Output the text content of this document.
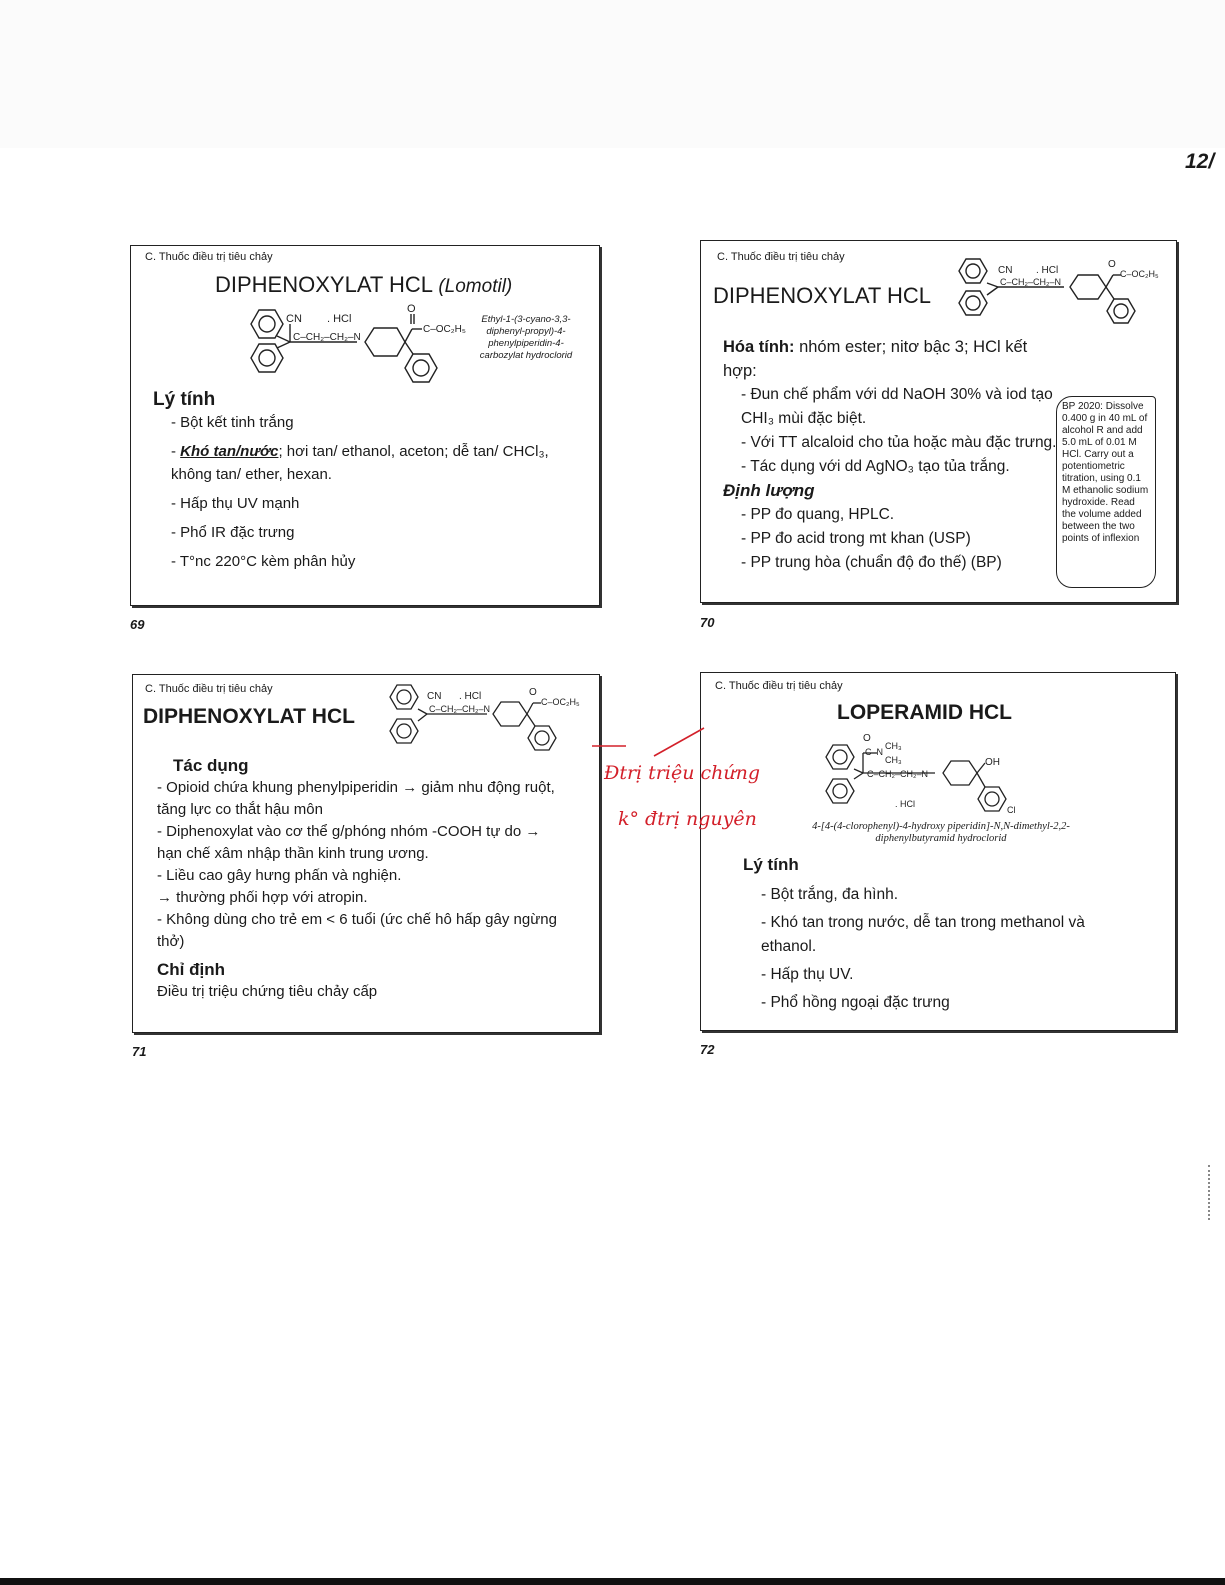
12/
C. Thuốc điều trị tiêu chảy
DIPHENOXYLAT HCL (Lomotil)
CN . HCl
C–CH₂–CH₂–N
O
C–OC₂H₅
Ethyl-1-(3-cyano-3,3-diphenyl-propyl)-4-phenylpiperidin-4-carbozylat hydroclorid

Lý tính

- Bột kết tinh trắng

- Khó tan/nước; hơi tan/ ethanol, aceton; dễ tan/ CHCl₃, không tan/ ether, hexan.

- Hấp thụ UV mạnh

- Phổ IR đặc trưng

- T°nc 220°C kèm phân hủy

69
C. Thuốc điều trị tiêu chảy
DIPHENOXYLAT HCL
CN . HCl
C–CH₂–CH₂–N
O
C–OC₂H₅

Hóa tính: nhóm ester; nitơ bậc 3; HCl kết hợp:

- Đun chế phẩm với dd NaOH 30% và iod tạo CHI₃ mùi đặc biệt.

- Với TT alcaloid cho tủa hoặc màu đặc trưng.

- Tác dụng với dd AgNO₃ tạo tủa trắng.

Định lượng

- PP đo quang, HPLC.

- PP đo acid trong mt khan (USP)

- PP trung hòa (chuẩn độ đo thế) (BP)

BP 2020: Dissolve 0.400 g in 40 mL of alcohol R and add 5.0 mL of 0.01 M HCl. Carry out a potentiometric titration, using 0.1 M ethanolic sodium hydroxide. Read the volume added between the two points of inflexion
70
C. Thuốc điều trị tiêu chảy
DIPHENOXYLAT HCL
CN . HCl
C–CH₂–CH₂–N
O
C–OC₂H₅

Tác dụng

- Opioid chứa khung phenylpiperidin → giảm nhu động ruột, tăng lực co thắt hậu môn

- Diphenoxylat vào cơ thể g/phóng nhóm -COOH tự do → hạn chế xâm nhập thần kinh trung ương.

- Liều cao gây hưng phấn và nghiện.

→ thường phối hợp với atropin.

- Không dùng cho trẻ em < 6 tuổi (ức chế hô hấp gây ngừng thở)

Chỉ định

Điều trị triệu chứng tiêu chảy cấp

71
C. Thuốc điều trị tiêu chảy
LOPERAMID HCL
O
C–N
CH₃
CH₃
C–CH₂–CH₂–N
OH
Cl
. HCl
4-[4-(4-clorophenyl)-4-hydroxy piperidin]-N,N-dimethyl-2,2-diphenylbutyramid hydroclorid

Lý tính

- Bột trắng, đa hình.

- Khó tan trong nước, dễ tan trong methanol và ethanol.

- Hấp thụ UV.

- Phổ hồng ngoại đặc trưng

72
Đtrị triệu chứng
k° đtrị nguyên
